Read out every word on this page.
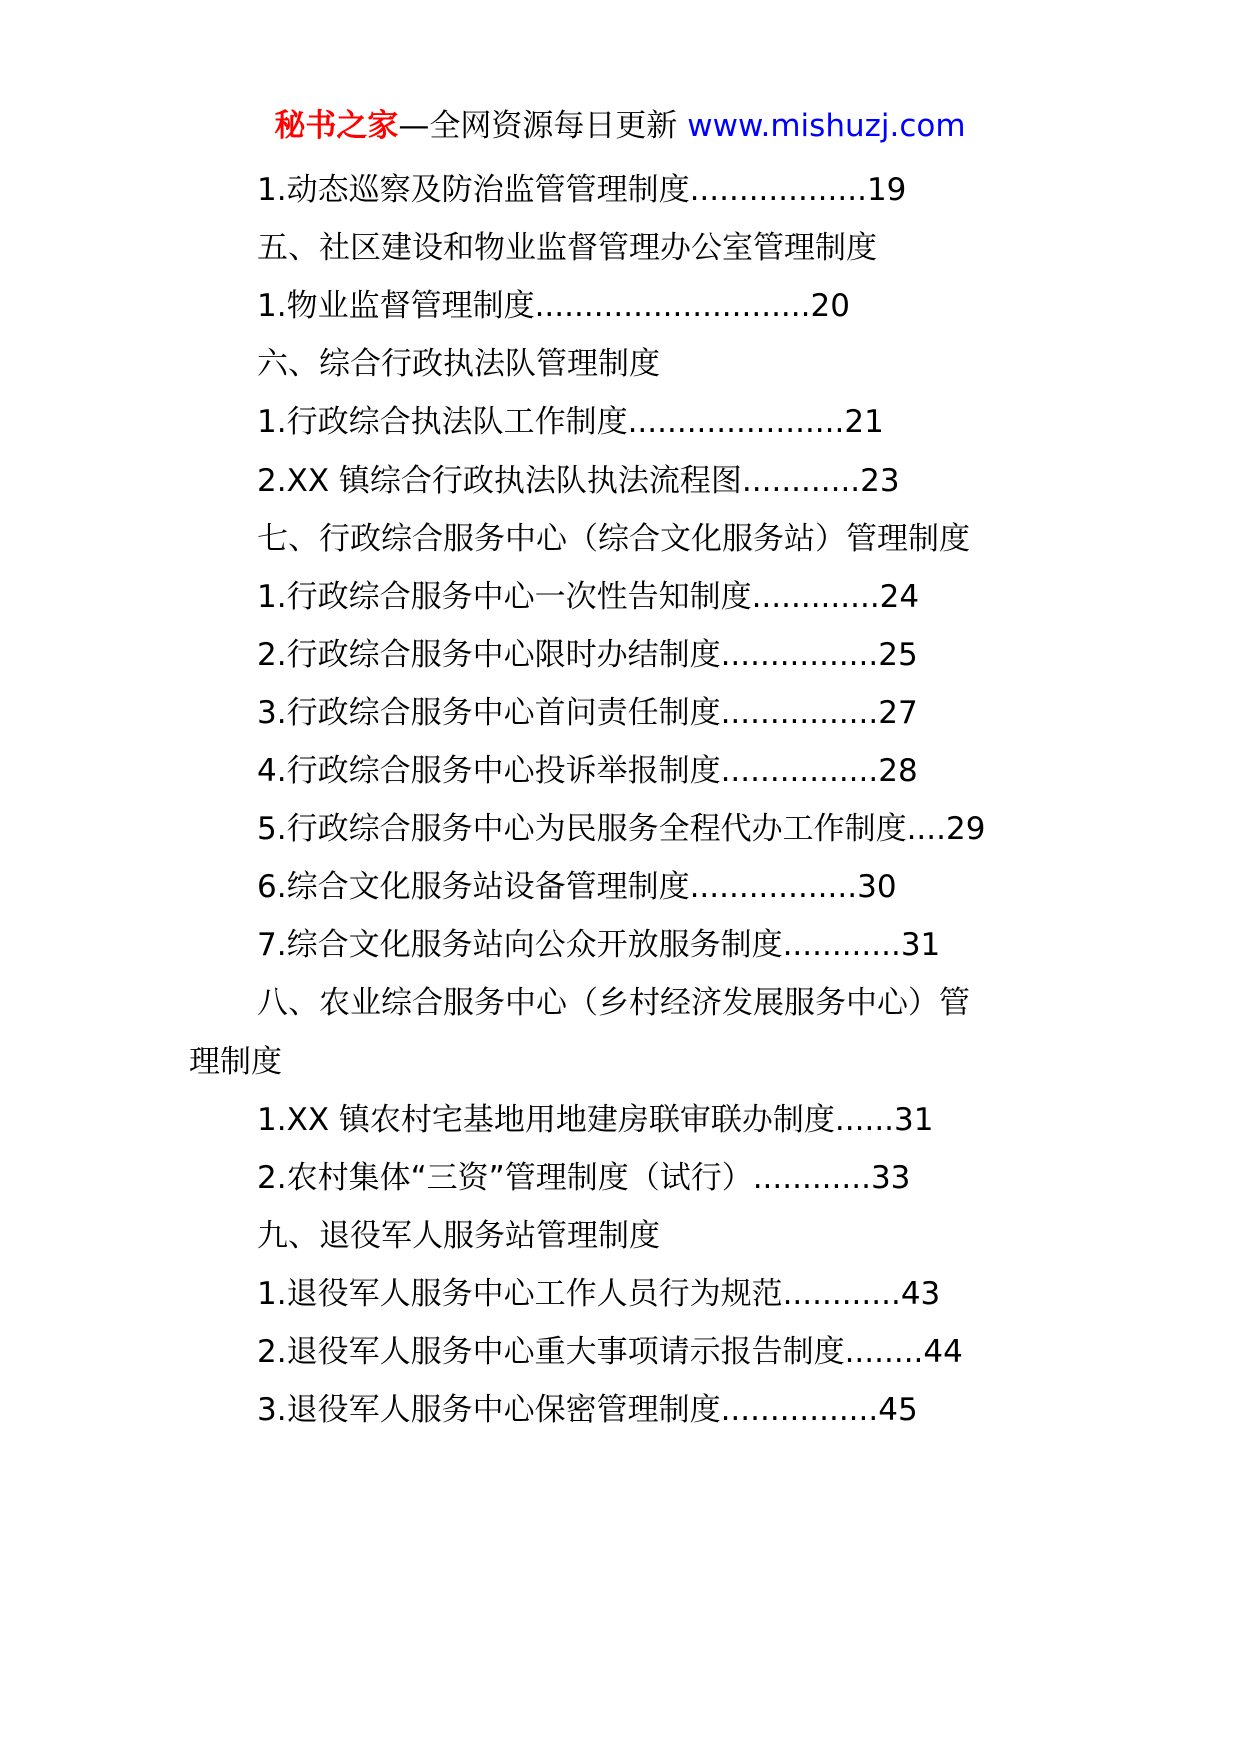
秘书之家—全网资源每日更新 www.mishuzj.com
1.动态巡察及防治监管管理制度..................19
五、社区建设和物业监督管理办公室管理制度
1.物业监督管理制度............................20
六、综合行政执法队管理制度
1.行政综合执法队工作制度......................21
2.XX 镇综合行政执法队执法流程图............23
七、行政综合服务中心（综合文化服务站）管理制度
1.行政综合服务中心一次性告知制度.............24
2.行政综合服务中心限时办结制度................25
3.行政综合服务中心首问责任制度................27
4.行政综合服务中心投诉举报制度................28
5.行政综合服务中心为民服务全程代办工作制度....29
6.综合文化服务站设备管理制度.................30
7.综合文化服务站向公众开放服务制度............31
八、农业综合服务中心（乡村经济发展服务中心）管
理制度
1.XX 镇农村宅基地用地建房联审联办制度......31
2.农村集体“三资”管理制度（试行）............33
九、退役军人服务站管理制度
1.退役军人服务中心工作人员行为规范............43
2.退役军人服务中心重大事项请示报告制度........44
3.退役军人服务中心保密管理制度................45
